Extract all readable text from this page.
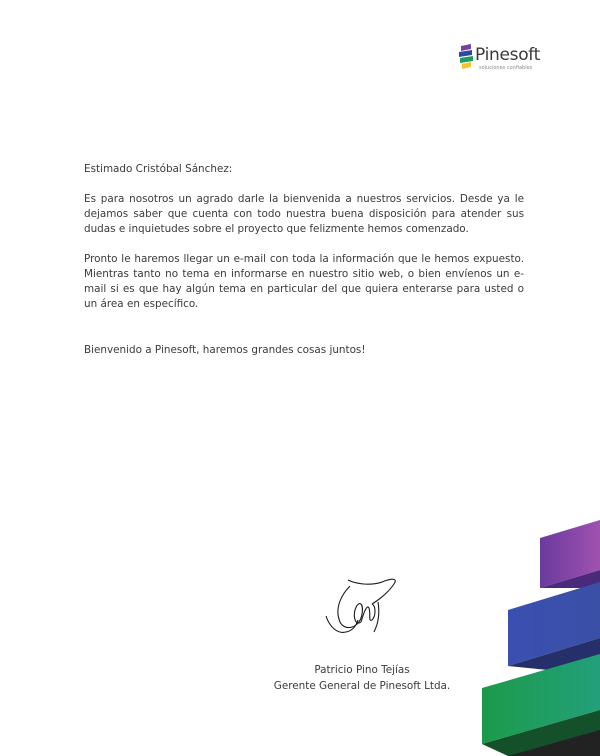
Pinesoft
soluciones confiables

Estimado Cristóbal Sánchez:

Es para nosotros un agrado darle la bienvenida a nuestros servicios. Desde ya le dejamos saber que cuenta con todo nuestra buena disposición para atender sus dudas e inquietudes sobre el proyecto que felizmente hemos comenzado.

Pronto le haremos llegar un e-mail con toda la información que le hemos expuesto. Mientras tanto no tema en informarse en nuestro sitio web, o bien envíenos un e-mail si es que hay algún tema en particular del que quiera enterarse para usted o un área en específico.

Bienvenido a Pinesoft, haremos grandes cosas juntos!

Patricio Pino Tejías
Gerente General de Pinesoft Ltda.
